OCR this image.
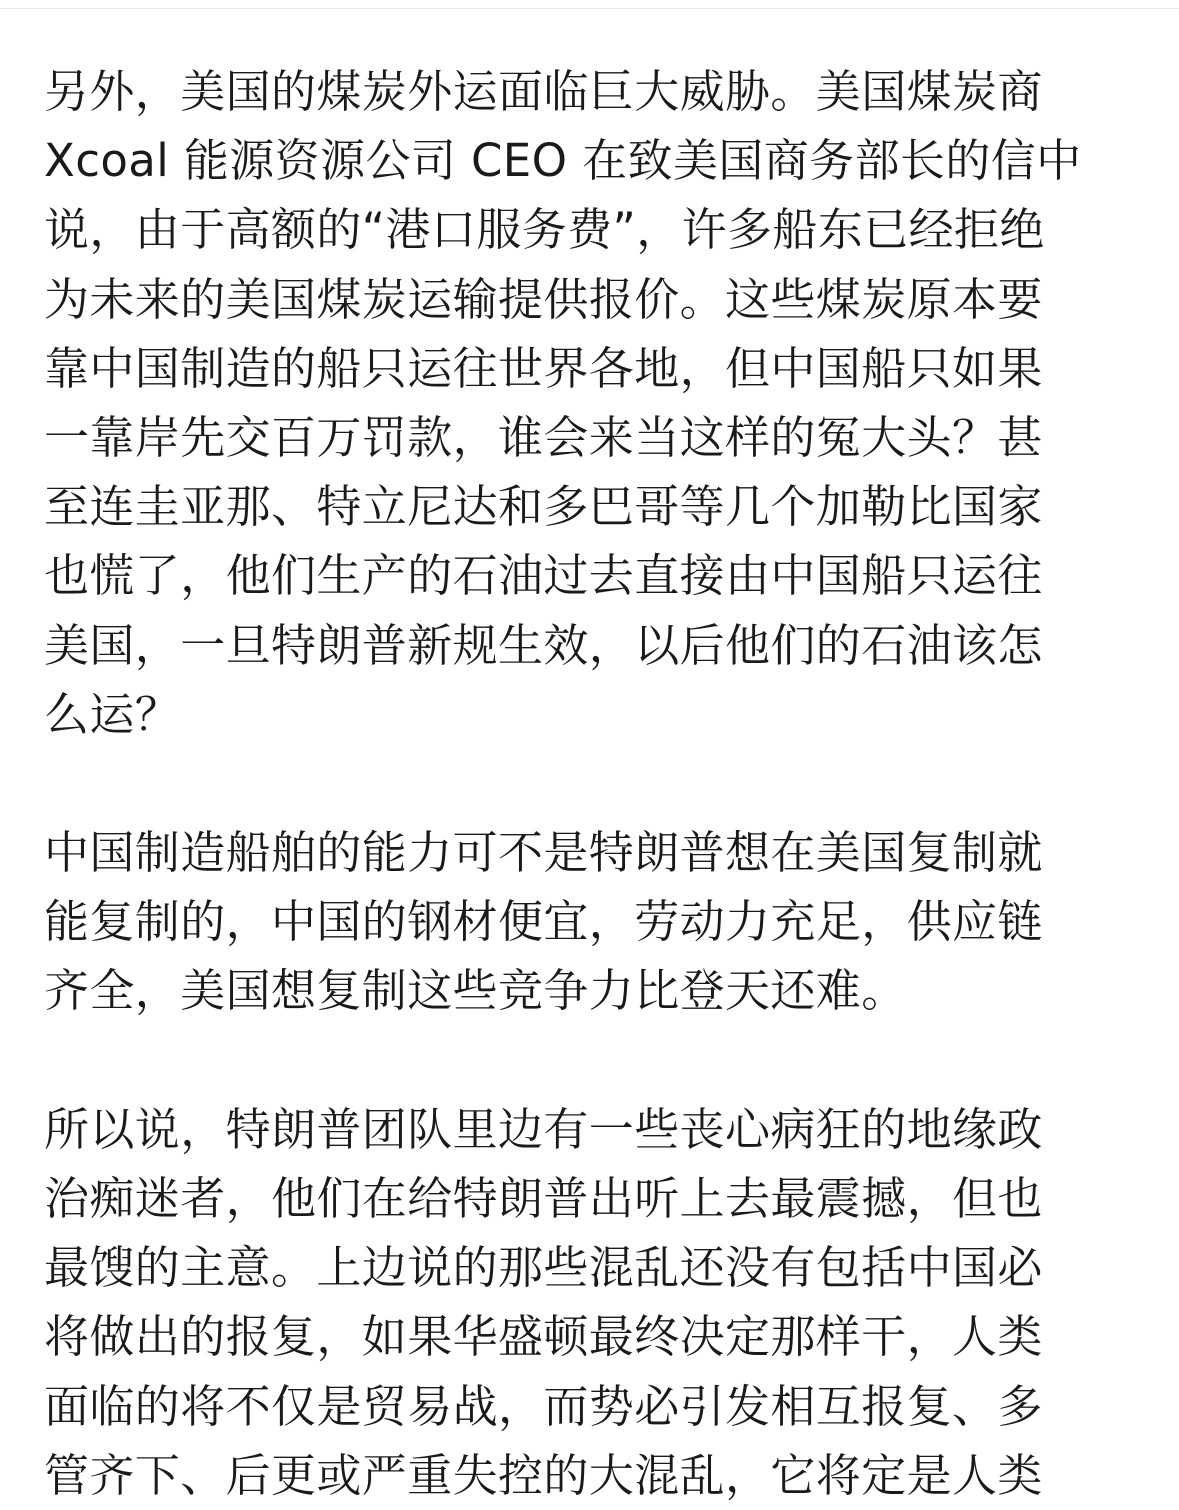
另外，美国的煤炭外运面临巨大威胁。美国煤炭商
Xcoal 能源资源公司 CEO 在致美国商务部长的信中
说，由于高额的“港口服务费”，许多船东已经拒绝
为未来的美国煤炭运输提供报价。这些煤炭原本要
靠中国制造的船只运往世界各地，但中国船只如果
一靠岸先交百万罚款，谁会来当这样的冤大头？甚
至连圭亚那、特立尼达和多巴哥等几个加勒比国家
也慌了，他们生产的石油过去直接由中国船只运往
美国，一旦特朗普新规生效，以后他们的石油该怎
么运？
中国制造船舶的能力可不是特朗普想在美国复制就
能复制的，中国的钢材便宜，劳动力充足，供应链
齐全，美国想复制这些竞争力比登天还难。
所以说，特朗普团队里边有一些丧心病狂的地缘政
治痴迷者，他们在给特朗普出听上去最震撼，但也
最馊的主意。上边说的那些混乱还没有包括中国必
将做出的报复，如果华盛顿最终决定那样干，人类
面临的将不仅是贸易战，而势必引发相互报复、多
管齐下、后更或严重失控的大混乱，它将定是人类
